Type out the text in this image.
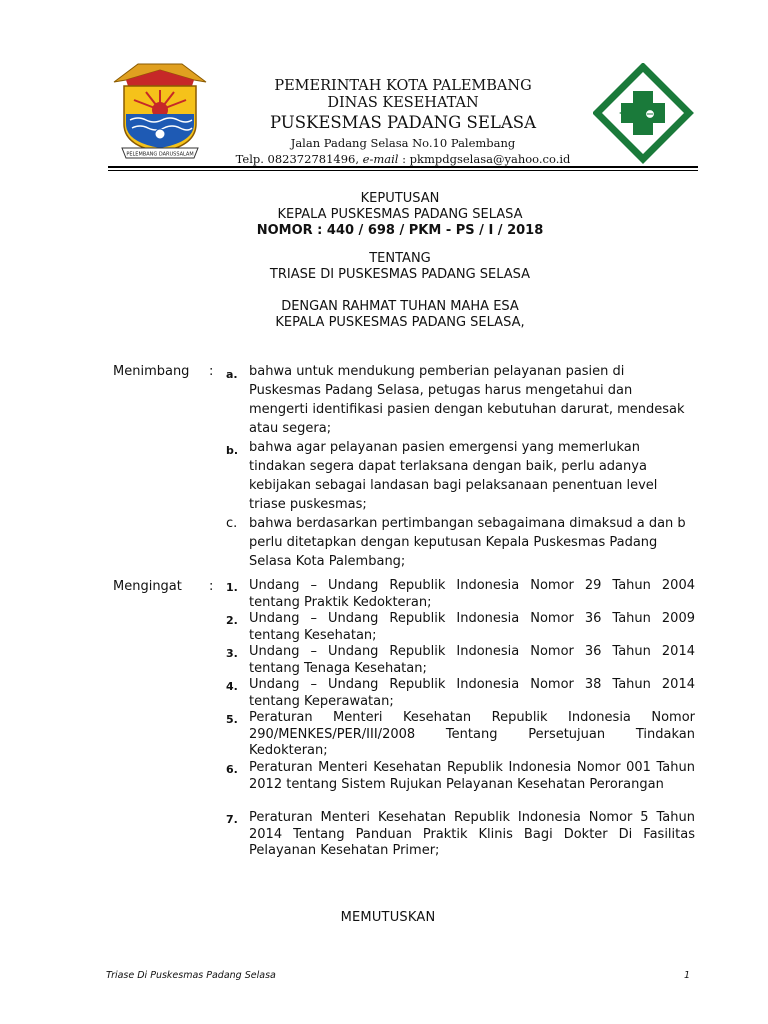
PELEMBANG DARUSSALAM
PEMERINTAH KOTA PALEMBANG
DINAS KESEHATAN
PUSKESMAS PADANG SELASA
Jalan Padang Selasa No.10 Palembang
Telp. 082372781496, e-mail : pkmpdgselasa@yahoo.co.id
KEPUTUSAN
KEPALA PUSKESMAS PADANG SELASA
NOMOR : 440 / 698 / PKM - PS / I / 2018
TENTANG
TRIASE DI PUSKESMAS PADANG SELASA
DENGAN RAHMAT TUHAN MAHA ESA
KEPALA PUSKESMAS PADANG SELASA,
Menimbang : a. bahwa untuk mendukung pemberian pelayanan pasien di Puskesmas Padang Selasa, petugas harus mengetahui dan mengerti identifikasi pasien dengan kebutuhan darurat, mendesak atau segera;
b. bahwa agar pelayanan pasien emergensi yang memerlukan tindakan segera dapat terlaksana dengan baik, perlu adanya kebijakan sebagai landasan bagi pelaksanaan penentuan level triase puskesmas;
c. bahwa berdasarkan pertimbangan sebagaimana dimaksud a dan b perlu ditetapkan dengan keputusan Kepala Puskesmas Padang Selasa Kota Palembang;
Mengingat : 1. Undang – Undang Republik Indonesia Nomor 29 Tahun 2004 tentang Praktik Kedokteran;
2. Undang – Undang Republik Indonesia Nomor 36 Tahun 2009 tentang Kesehatan;
3. Undang – Undang Republik Indonesia Nomor 36 Tahun 2014 tentang Tenaga Kesehatan;
4. Undang – Undang Republik Indonesia Nomor 38 Tahun 2014 tentang Keperawatan;
5. Peraturan Menteri Kesehatan Republik Indonesia Nomor 290/MENKES/PER/III/2008 Tentang Persetujuan Tindakan Kedokteran;
6. Peraturan Menteri Kesehatan Republik Indonesia Nomor 001 Tahun 2012 tentang Sistem Rujukan Pelayanan Kesehatan Perorangan
7. Peraturan Menteri Kesehatan Republik Indonesia Nomor 5 Tahun 2014 Tentang Panduan Praktik Klinis Bagi Dokter Di Fasilitas Pelayanan Kesehatan Primer;
MEMUTUSKAN
Triase Di Puskesmas Padang Selasa	1
